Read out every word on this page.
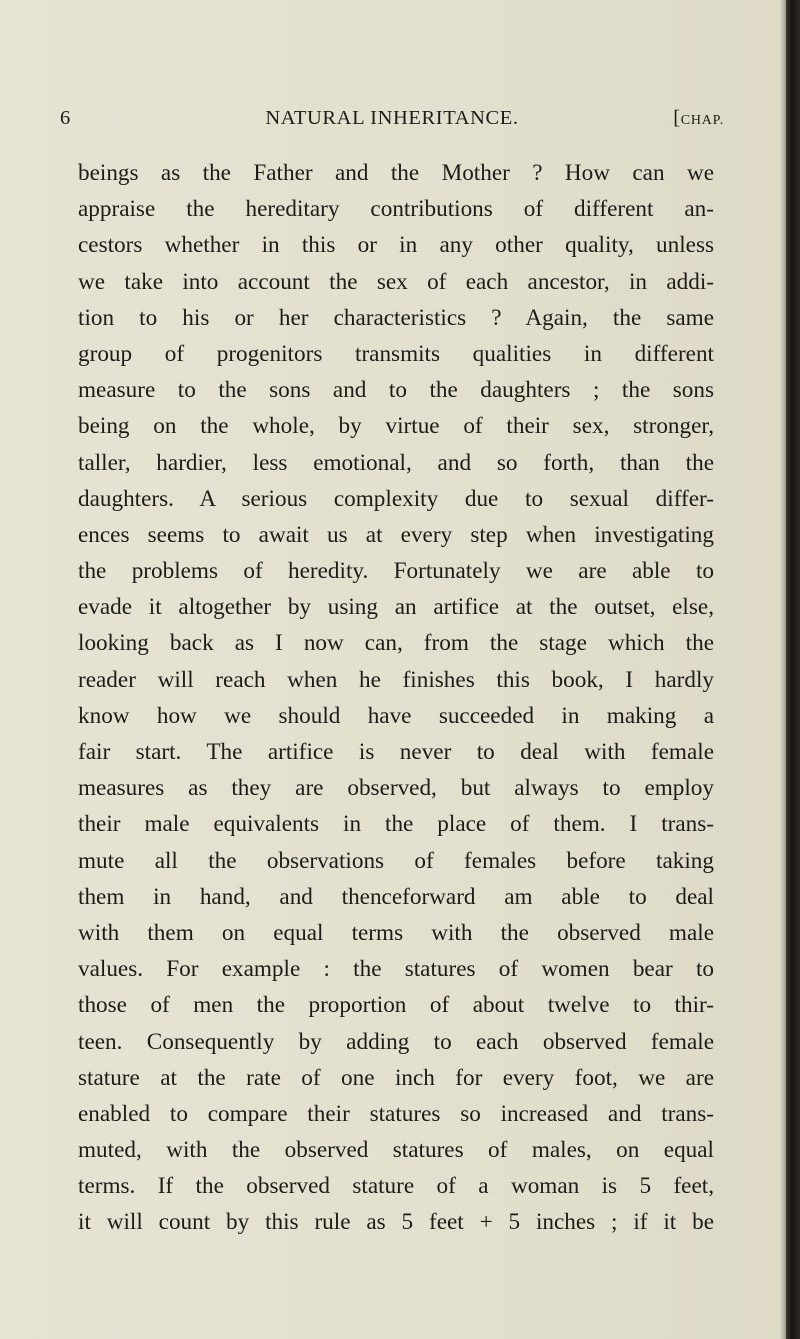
6	NATURAL INHERITANCE.	[CHAP.
beings as the Father and the Mother ? How can we
appraise the hereditary contributions of different an-
cestors whether in this or in any other quality, unless
we take into account the sex of each ancestor, in addi-
tion to his or her characteristics ? Again, the same
group of progenitors transmits qualities in different
measure to the sons and to the daughters ; the sons
being on the whole, by virtue of their sex, stronger,
taller, hardier, less emotional, and so forth, than the
daughters. A serious complexity due to sexual differ-
ences seems to await us at every step when investigating
the problems of heredity. Fortunately we are able to
evade it altogether by using an artifice at the outset, else,
looking back as I now can, from the stage which the
reader will reach when he finishes this book, I hardly
know how we should have succeeded in making a
fair start. The artifice is never to deal with female
measures as they are observed, but always to employ
their male equivalents in the place of them. I trans-
mute all the observations of females before taking
them in hand, and thenceforward am able to deal
with them on equal terms with the observed male
values. For example : the statures of women bear to
those of men the proportion of about twelve to thir-
teen. Consequently by adding to each observed female
stature at the rate of one inch for every foot, we are
enabled to compare their statures so increased and trans-
muted, with the observed statures of males, on equal
terms. If the observed stature of a woman is 5 feet,
it will count by this rule as 5 feet + 5 inches ; if it be
